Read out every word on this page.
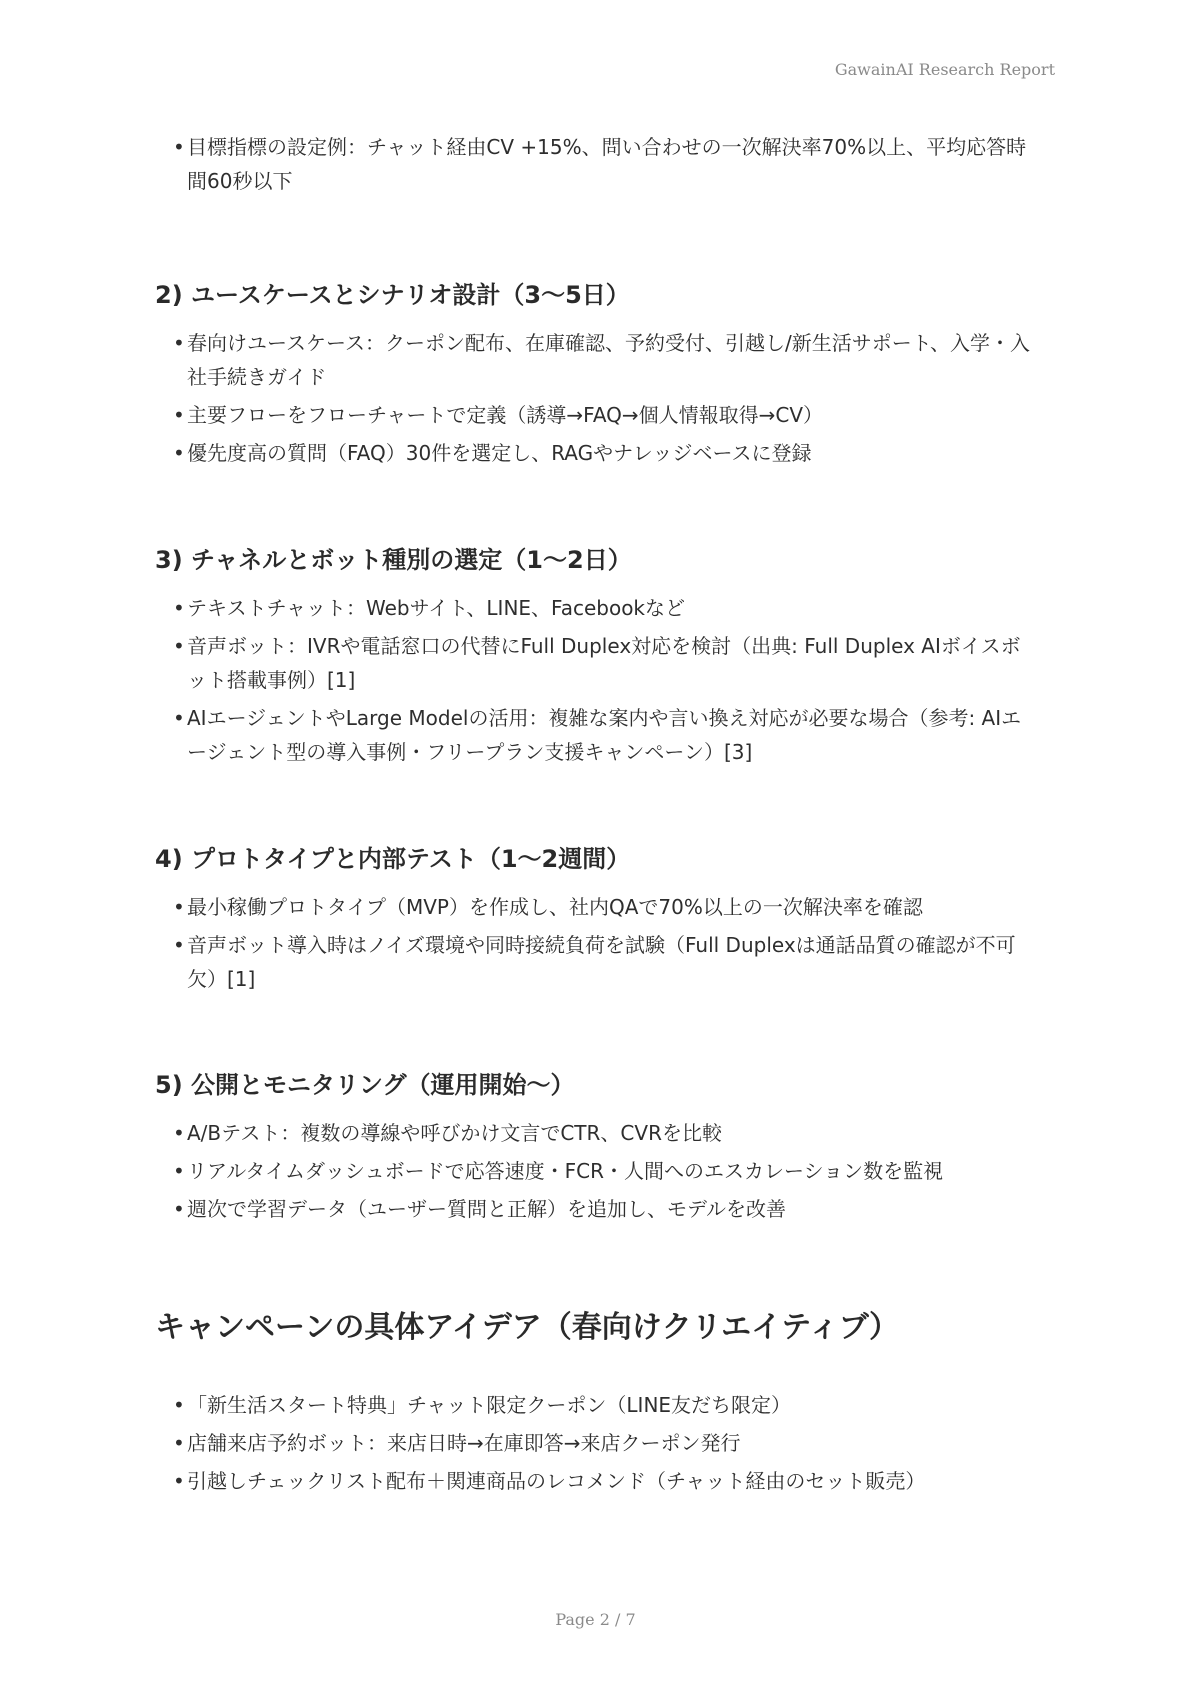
GawainAI Research Report
• 目標指標の設定例：チャット経由CV +15%、問い合わせの一次解決率70%以上、平均応答時間60秒以下
2) ユースケースとシナリオ設計（3〜5日）
• 春向けユースケース：クーポン配布、在庫確認、予約受付、引越し/新生活サポート、入学・入社手続きガイド
• 主要フローをフローチャートで定義（誘導→FAQ→個人情報取得→CV）
• 優先度高の質問（FAQ）30件を選定し、RAGやナレッジベースに登録
3) チャネルとボット種別の選定（1〜2日）
• テキストチャット：Webサイト、LINE、Facebookなど
• 音声ボット：IVRや電話窓口の代替にFull Duplex対応を検討（出典: Full Duplex AIボイスボット搭載事例）[1]
• AIエージェントやLarge Modelの活用：複雑な案内や言い換え対応が必要な場合（参考: AIエージェント型の導入事例・フリープラン支援キャンペーン）[3]
4) プロトタイプと内部テスト（1〜2週間）
• 最小稼働プロトタイプ（MVP）を作成し、社内QAで70%以上の一次解決率を確認
• 音声ボット導入時はノイズ環境や同時接続負荷を試験（Full Duplexは通話品質の確認が不可欠）[1]
5) 公開とモニタリング（運用開始〜）
• A/Bテスト：複数の導線や呼びかけ文言でCTR、CVRを比較
• リアルタイムダッシュボードで応答速度・FCR・人間へのエスカレーション数を監視
• 週次で学習データ（ユーザー質問と正解）を追加し、モデルを改善
キャンペーンの具体アイデア（春向けクリエイティブ）
• 「新生活スタート特典」チャット限定クーポン（LINE友だち限定）
• 店舗来店予約ボット：来店日時→在庫即答→来店クーポン発行
• 引越しチェックリスト配布＋関連商品のレコメンド（チャット経由のセット販売）
Page 2 / 7
